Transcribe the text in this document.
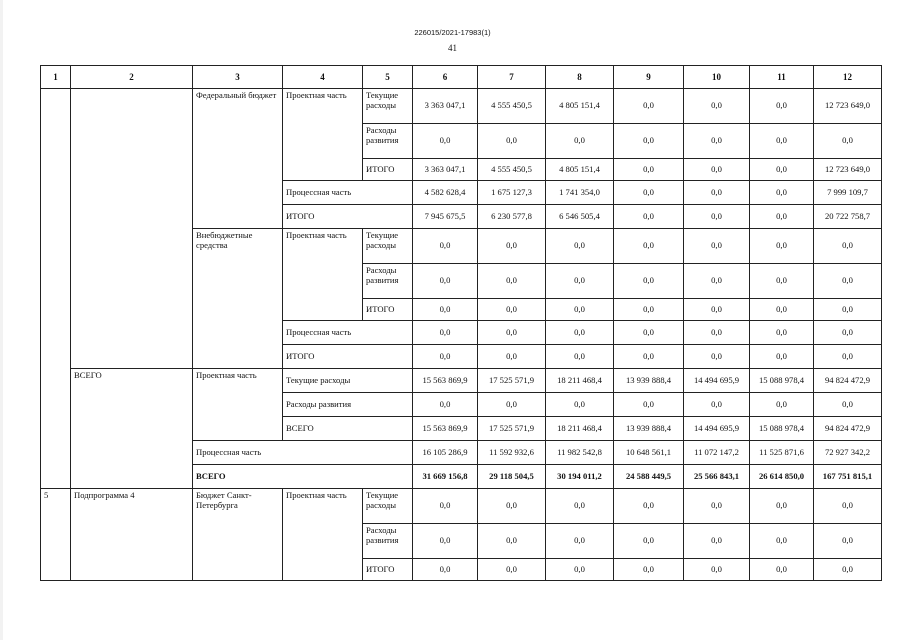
226015/2021-17983(1)
41
1	2	3	4	5	6	7	8	9	10	11	12
		Федеральный бюджет	Проектная часть	Текущие расходы	3 363 047,1	4 555 450,5	4 805 151,4	0,0	0,0	0,0	12 723 649,0
				Расходы развития	0,0	0,0	0,0	0,0	0,0	0,0	0,0
				ИТОГО	3 363 047,1	4 555 450,5	4 805 151,4	0,0	0,0	0,0	12 723 649,0
			Процессная часть		4 582 628,4	1 675 127,3	1 741 354,0	0,0	0,0	0,0	7 999 109,7
			ИТОГО		7 945 675,5	6 230 577,8	6 546 505,4	0,0	0,0	0,0	20 722 758,7
		Внебюджетные средства	Проектная часть	Текущие расходы	0,0	0,0	0,0	0,0	0,0	0,0	0,0
				Расходы развития	0,0	0,0	0,0	0,0	0,0	0,0	0,0
				ИТОГО	0,0	0,0	0,0	0,0	0,0	0,0	0,0
			Процессная часть		0,0	0,0	0,0	0,0	0,0	0,0	0,0
			ИТОГО		0,0	0,0	0,0	0,0	0,0	0,0	0,0
	ВСЕГО	Проектная часть	Текущие расходы		15 563 869,9	17 525 571,9	18 211 468,4	13 939 888,4	14 494 695,9	15 088 978,4	94 824 472,9
			Расходы развития		0,0	0,0	0,0	0,0	0,0	0,0	0,0
			ВСЕГО		15 563 869,9	17 525 571,9	18 211 468,4	13 939 888,4	14 494 695,9	15 088 978,4	94 824 472,9
		Процессная часть			16 105 286,9	11 592 932,6	11 982 542,8	10 648 561,1	11 072 147,2	11 525 871,6	72 927 342,2
		ВСЕГО			31 669 156,8	29 118 504,5	30 194 011,2	24 588 449,5	25 566 843,1	26 614 850,0	167 751 815,1
5	Подпрограмма 4	Бюджет Санкт-Петербурга	Проектная часть	Текущие расходы	0,0	0,0	0,0	0,0	0,0	0,0	0,0
				Расходы развития	0,0	0,0	0,0	0,0	0,0	0,0	0,0
				ИТОГО	0,0	0,0	0,0	0,0	0,0	0,0	0,0
